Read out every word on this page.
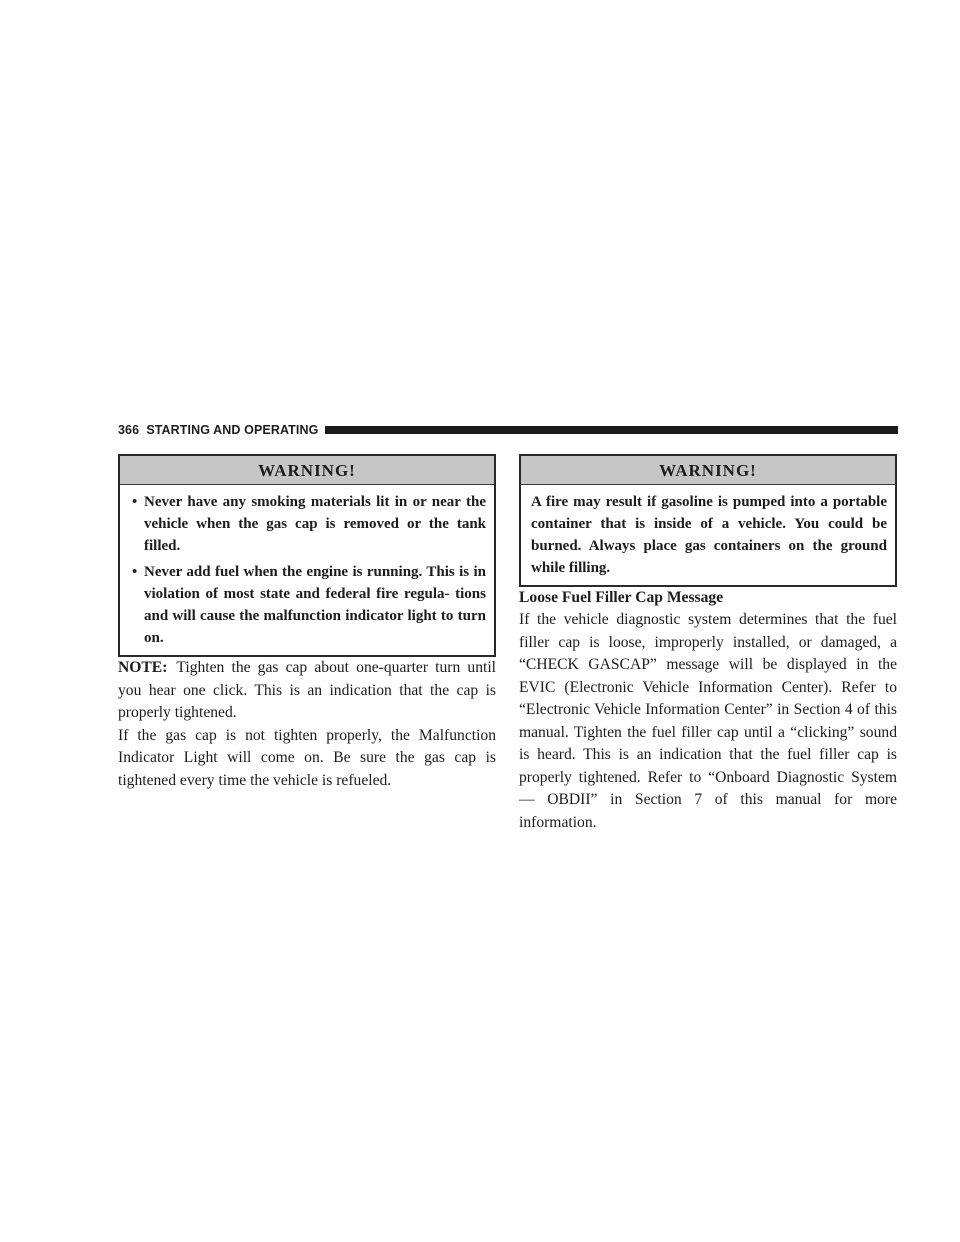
366 STARTING AND OPERATING
WARNING!
• Never have any smoking materials lit in or near the vehicle when the gas cap is removed or the tank filled.
• Never add fuel when the engine is running. This is in violation of most state and federal fire regula- tions and will cause the malfunction indicator light to turn on.

NOTE: Tighten the gas cap about one-quarter turn until you hear one click. This is an indication that the cap is properly tightened.

If the gas cap is not tighten properly, the Malfunction Indicator Light will come on. Be sure the gas cap is tightened every time the vehicle is refueled.

WARNING!
A fire may result if gasoline is pumped into a portable container that is inside of a vehicle. You could be burned. Always place gas containers on the ground while filling.
Loose Fuel Filler Cap Message

If the vehicle diagnostic system determines that the fuel filler cap is loose, improperly installed, or damaged, a “CHECK GASCAP” message will be displayed in the EVIC (Electronic Vehicle Information Center). Refer to “Electronic Vehicle Information Center” in Section 4 of this manual. Tighten the fuel filler cap until a “clicking” sound is heard. This is an indication that the fuel filler cap is properly tightened. Refer to “Onboard Diagnostic System — OBDII” in Section 7 of this manual for more information.
